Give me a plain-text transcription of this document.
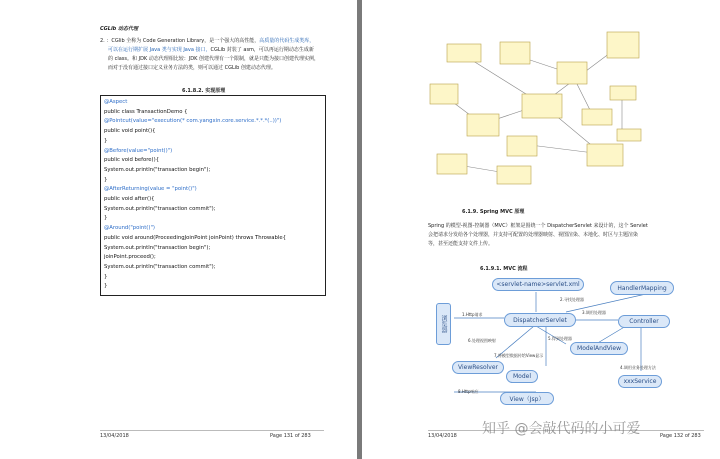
CGLib 动态代理
2. ：CGlib 全称为 Code Generation Library，是一个强大的高性能，高质量的代码生成类库，
可以在运行期扩展 Java 类与实现 Java 接口，CGLib 封装了 asm，可以再运行期动态生成新
的 class。和 JDK 动态代理相比较：JDK 创建代理有一个限制，就是只能为接口创建代理实例，
而对于没有通过接口定义业务方法的类，则可以通过 CGLib 创建动态代理。
6.1.8.2. 实现原理
@Aspect
public class TransactionDemo {
@Pointcut(value="execution(* com.yangxin.core.service.*.*.*(..))")
public void point(){
}
@Before(value="point()")
public void before(){
System.out.println("transaction begin");
}
@AfterReturning(value = "point()")
public void after(){
System.out.println("transaction commit");
}
@Around("point()")
public void around(ProceedingJoinPoint joinPoint) throws Throwable{
System.out.println("transaction begin");
joinPoint.proceed();
System.out.println("transaction commit");
}
}
13/04/2018	Page 131 of 283
6.1.9. Spring MVC 原理
Spring 的模型-视图-控制器（MVC）框架是围绕一个 DispatcherServlet 来设计的，这个 Servlet
会把请求分发给各个处理器，并支持可配置的处理器映射、视图渲染、本地化、时区与主题渲染
等，甚至还能支持文件上传。
6.1.9.1. MVC 流程
浏览器
<servlet-name>servlet.xml	HandlerMapping
DispatcherServlet	Controller
ModelAndView
ViewResolver
Model
xxxService
View（Jsp）
1.Http请求
2.寻找处理器
3.调用处理器
4.调用业务处理方法
5.得到处理器
6.处理视图映射
7.将模型数据传给View显示
8.Http响应
13/04/2018	Page 132 of 283
知乎 @会敲代码的小可爱
